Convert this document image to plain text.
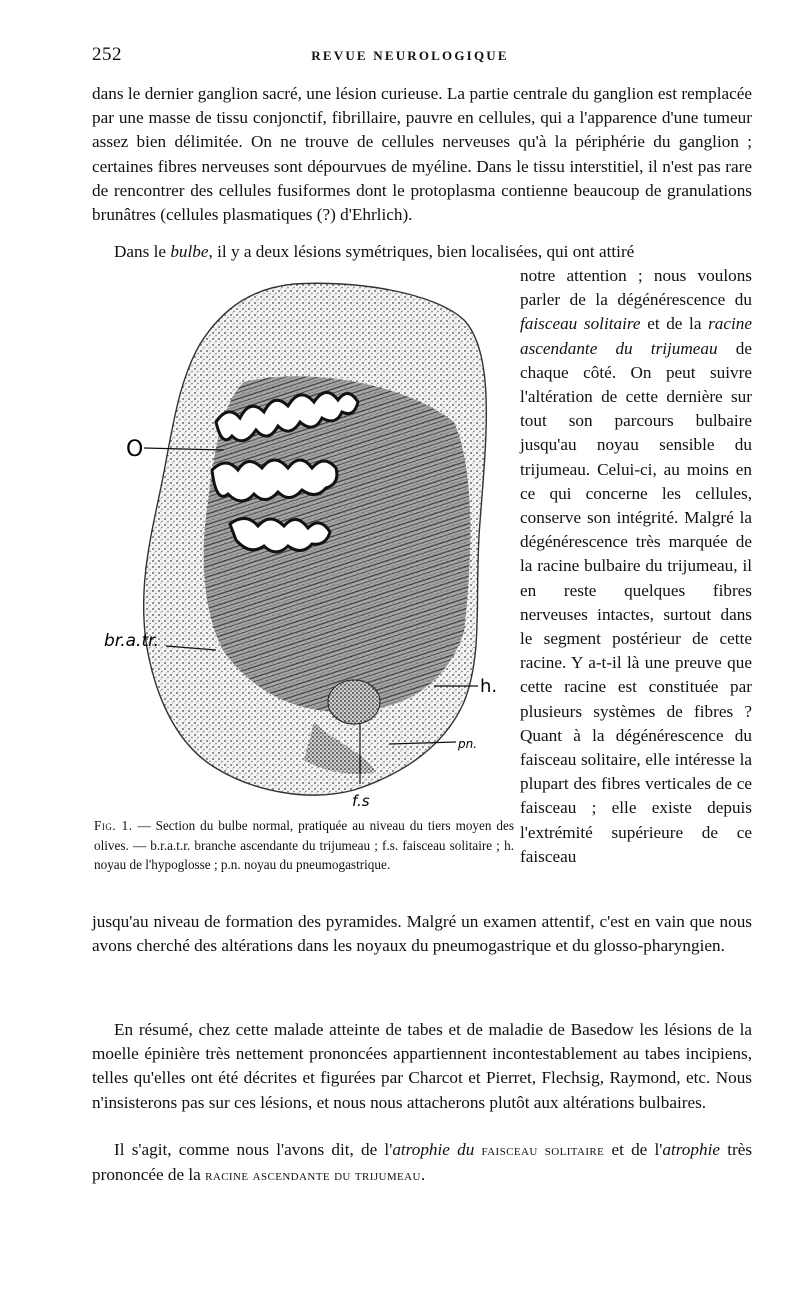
252	REVUE NEUROLOGIQUE

dans le dernier ganglion sacré, une lésion curieuse. La partie centrale du ganglion est remplacée par une masse de tissu conjonctif, fibrillaire, pauvre en cellules, qui a l'apparence d'une tumeur assez bien délimitée. On ne trouve de cellules nerveuses qu'à la périphérie du ganglion ; certaines fibres nerveuses sont dépourvues de myéline. Dans le tissu interstitiel, il n'est pas rare de rencontrer des cellules fusiformes dont le protoplasma contienne beaucoup de granulations brunâtres (cellules plasmatiques (?) d'Ehrlich).

Dans le bulbe, il y a deux lésions symétriques, bien localisées, qui ont attiré

notre attention ; nous voulons parler de la dégénérescence du faisceau solitaire et de la racine ascendante du trijumeau de chaque côté. On peut suivre l'altération de cette dernière sur tout son parcours bulbaire jusqu'au noyau sensible du trijumeau. Celui-ci, au moins en ce qui concerne les cellules, conserve son intégrité. Malgré la dégénérescence très marquée de la racine bulbaire du trijumeau, il en reste quelques fibres nerveuses intactes, surtout dans le segment postérieur de cette racine. Y a-t-il là une preuve que cette racine est constituée par plusieurs systèmes de fibres ? Quant à la dégénérescence du faisceau solitaire, elle intéresse la plupart des fibres verticales de ce faisceau ; elle existe depuis l'extrémité supérieure de ce faisceau

O
br.a.tr.
h.
pn.
f.s

Fig. 1. — Section du bulbe normal, pratiquée au niveau du tiers moyen des olives. — b.r.a.t.r. branche ascendante du trijumeau ; f.s. faisceau solitaire ; h. noyau de l'hypoglosse ; p.n. noyau du pneumogastrique.

jusqu'au niveau de formation des pyramides. Malgré un examen attentif, c'est en vain que nous avons cherché des altérations dans les noyaux du pneumogastrique et du glosso-pharyngien.

En résumé, chez cette malade atteinte de tabes et de maladie de Basedow les lésions de la moelle épinière très nettement prononcées appartiennent incontestablement au tabes incipiens, telles qu'elles ont été décrites et figurées par Charcot et Pierret, Flechsig, Raymond, etc. Nous n'insisterons pas sur ces lésions, et nous nous attacherons plutôt aux altérations bulbaires.

Il s'agit, comme nous l'avons dit, de l'atrophie du faisceau solitaire et de l'atrophie très prononcée de la racine ascendante du trijumeau.
